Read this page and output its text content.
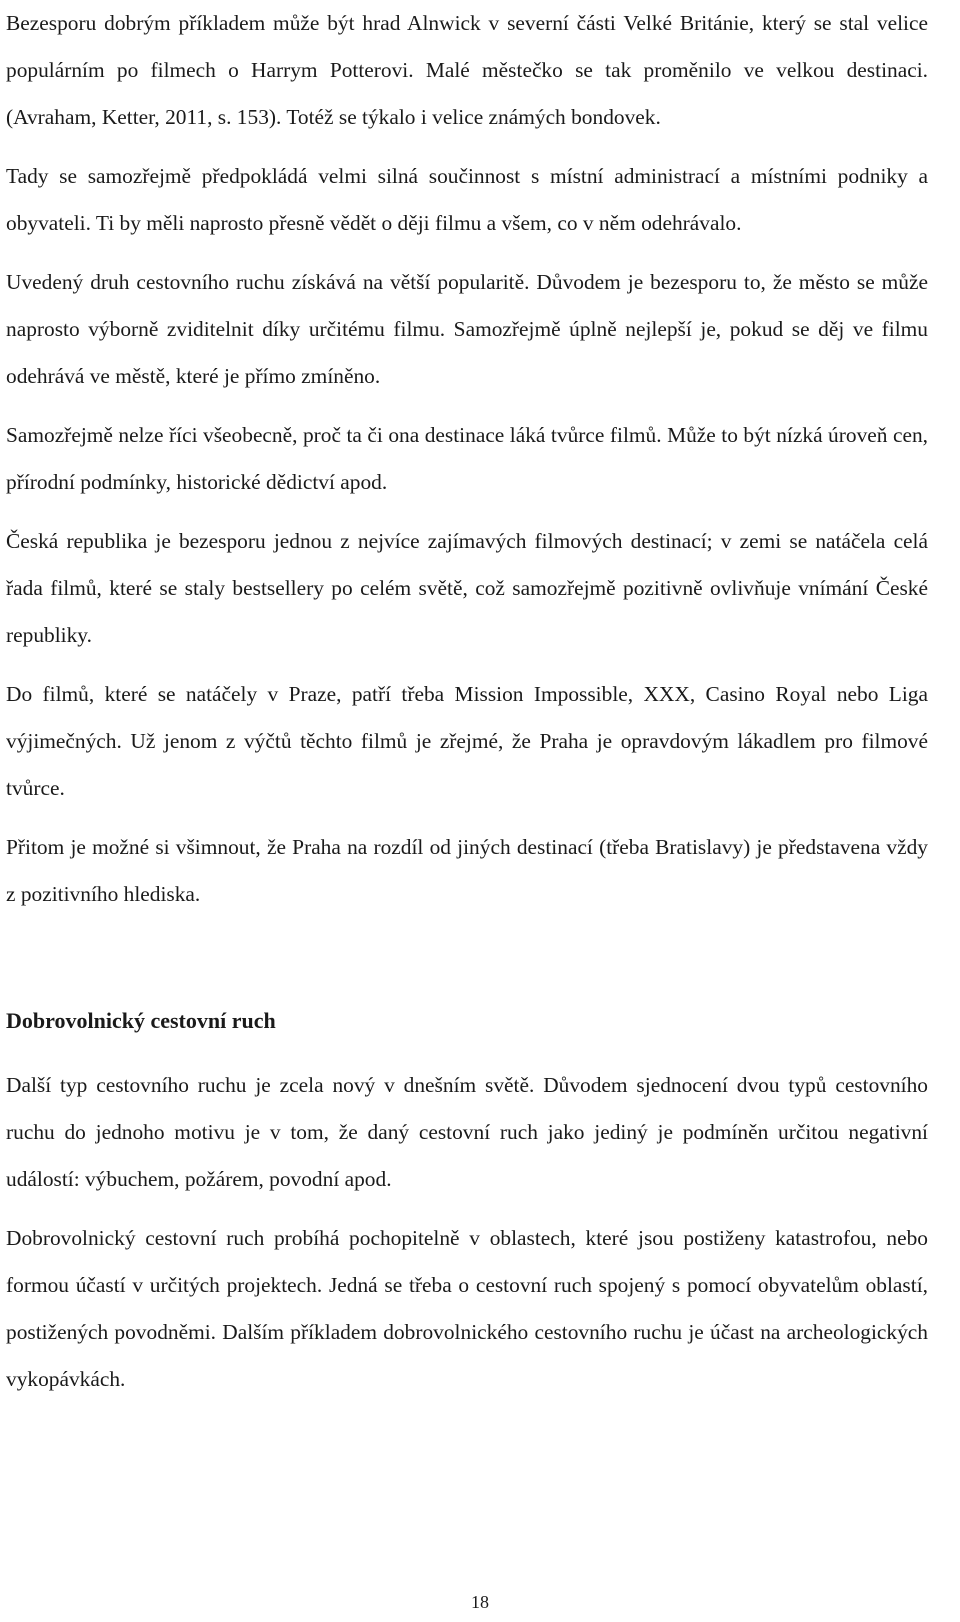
Bezesporu dobrým příkladem může být hrad Alnwick v severní části Velké Británie, který se stal velice populárním po filmech o Harrym Potterovi. Malé městečko se tak proměnilo ve velkou destinaci. (Avraham, Ketter, 2011, s. 153). Totéž se týkalo i velice známých bondovek.

Tady se samozřejmě předpokládá velmi silná součinnost s místní administrací a místními podniky a obyvateli. Ti by měli naprosto přesně vědět o ději filmu a všem, co v něm odehrávalo.

Uvedený druh cestovního ruchu získává na větší popularitě. Důvodem je bezesporu to, že město se může naprosto výborně zviditelnit díky určitému filmu. Samozřejmě úplně nejlepší je, pokud se děj ve filmu odehrává ve městě, které je přímo zmíněno.

Samozřejmě nelze říci všeobecně, proč ta či ona destinace láká tvůrce filmů. Může to být nízká úroveň cen, přírodní podmínky, historické dědictví apod.

Česká republika je bezesporu jednou z nejvíce zajímavých filmových destinací; v zemi se natáčela celá řada filmů, které se staly bestsellery po celém světě, což samozřejmě pozitivně ovlivňuje vnímání České republiky.

Do filmů, které se natáčely v Praze, patří třeba Mission Impossible, XXX, Casino Royal nebo Liga výjimečných. Už jenom z výčtů těchto filmů je zřejmé, že Praha je opravdovým lákadlem pro filmové tvůrce.

Přitom je možné si všimnout, že Praha na rozdíl od jiných destinací (třeba Bratislavy) je představena vždy z pozitivního hlediska.

Dobrovolnický cestovní ruch

Další typ cestovního ruchu je zcela nový v dnešním světě. Důvodem sjednocení dvou typů cestovního ruchu do jednoho motivu je v tom, že daný cestovní ruch jako jediný je podmíněn určitou negativní událostí: výbuchem, požárem, povodní apod.

Dobrovolnický cestovní ruch probíhá pochopitelně v oblastech, které jsou postiženy katastrofou, nebo formou účastí v určitých projektech. Jedná se třeba o cestovní ruch spojený s pomocí obyvatelům oblastí, postižených povodněmi. Dalším příkladem dobrovolnického cestovního ruchu je účast na archeologických vykopávkách.

18
